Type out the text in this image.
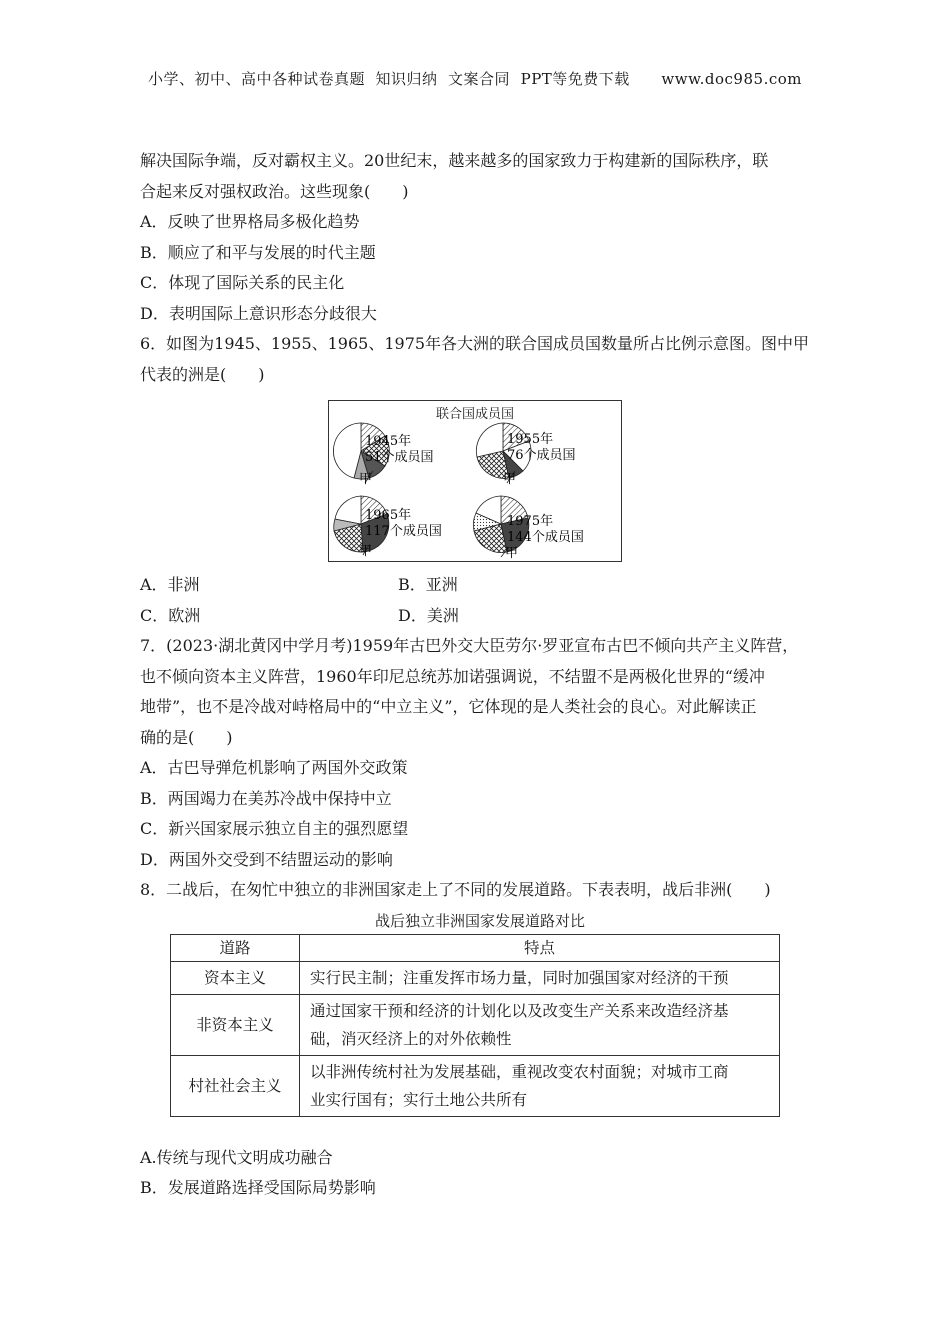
小学、初中、高中各种试卷真题  知识归纳  文案合同  PPT等免费下载      www.doc985.com

解决国际争端，反对霸权主义。20世纪末，越来越多的国家致力于构建新的国际秩序，联

合起来反对强权政治。这些现象(　　)

A．反映了世界格局多极化趋势

B．顺应了和平与发展的时代主题

C．体现了国际关系的民主化

D．表明国际上意识形态分歧很大

6．如图为1945、1955、1965、1975年各大洲的联合国成员国数量所占比例示意图。图中甲

代表的洲是(　　)

联合国成员国
1945年
51个成员国
甲
1955年
76个成员国
甲
1965年
117个成员国
甲
1975年
144个成员国
甲
A．非洲	B．亚洲
C．欧洲	D．美洲

7．(2023·湖北黄冈中学月考)1959年古巴外交大臣劳尔·罗亚宣布古巴不倾向共产主义阵营，

也不倾向资本主义阵营，1960年印尼总统苏加诺强调说，不结盟不是两极化世界的“缓冲

地带”，也不是冷战对峙格局中的“中立主义”，它体现的是人类社会的良心。对此解读正

确的是(　　)

A．古巴导弹危机影响了两国外交政策

B．两国竭力在美苏冷战中保持中立

C．新兴国家展示独立自主的强烈愿望

D．两国外交受到不结盟运动的影响

8．二战后，在匆忙中独立的非洲国家走上了不同的发展道路。下表表明，战后非洲(　　)

战后独立非洲国家发展道路对比

道路	特点
资本主义	实行民主制；注重发挥市场力量，同时加强国家对经济的干预
非资本主义	通过国家干预和经济的计划化以及改变生产关系来改造经济基
础，消灭经济上的对外依赖性

村社社会主义	以非洲传统村社为发展基础，重视改变农村面貌；对城市工商
业实行国有；实行土地公共所有

A.传统与现代文明成功融合

B．发展道路选择受国际局势影响
